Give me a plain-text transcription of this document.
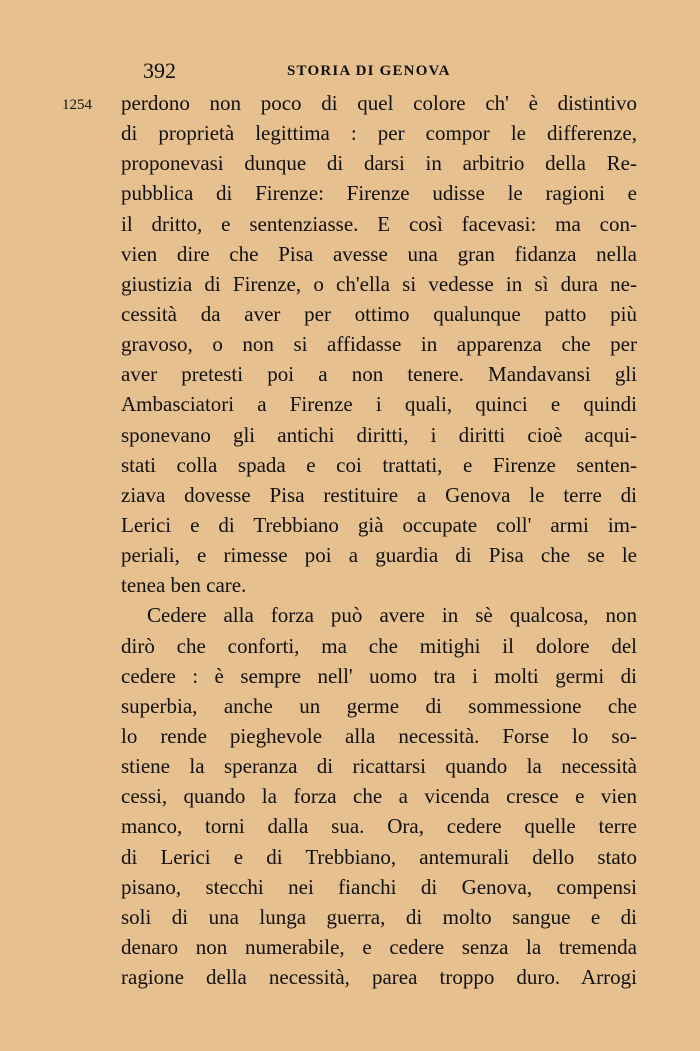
392	STORIA DI GENOVA
1254 perdono non poco di quel colore ch' è distintivo
di proprietà legittima : per compor le differenze,
proponevasi dunque di darsi in arbitrio della Re-
pubblica di Firenze: Firenze udisse le ragioni e
il dritto, e sentenziasse. E così facevasi: ma con-
vien dire che Pisa avesse una gran fidanza nella
giustizia di Firenze, o ch'ella si vedesse in sì dura ne-
cessità da aver per ottimo qualunque patto più
gravoso, o non si affidasse in apparenza che per
aver pretesti poi a non tenere. Mandavansi gli
Ambasciatori a Firenze i quali, quinci e quindi
sponevano gli antichi diritti, i diritti cioè acqui-
stati colla spada e coi trattati, e Firenze senten-
ziava dovesse Pisa restituire a Genova le terre di
Lerici e di Trebbiano già occupate coll' armi im-
periali, e rimesse poi a guardia di Pisa che se le
tenea ben care.
Cedere alla forza può avere in sè qualcosa, non
dirò che conforti, ma che mitighi il dolore del
cedere : è sempre nell' uomo tra i molti germi di
superbia, anche un germe di sommessione che
lo rende pieghevole alla necessità. Forse lo so-
stiene la speranza di ricattarsi quando la necessità
cessi, quando la forza che a vicenda cresce e vien
manco, torni dalla sua. Ora, cedere quelle terre
di Lerici e di Trebbiano, antemurali dello stato
pisano, stecchi nei fianchi di Genova, compensi
soli di una lunga guerra, di molto sangue e di
denaro non numerabile, e cedere senza la tremenda
ragione della necessità, parea troppo duro. Arrogi
